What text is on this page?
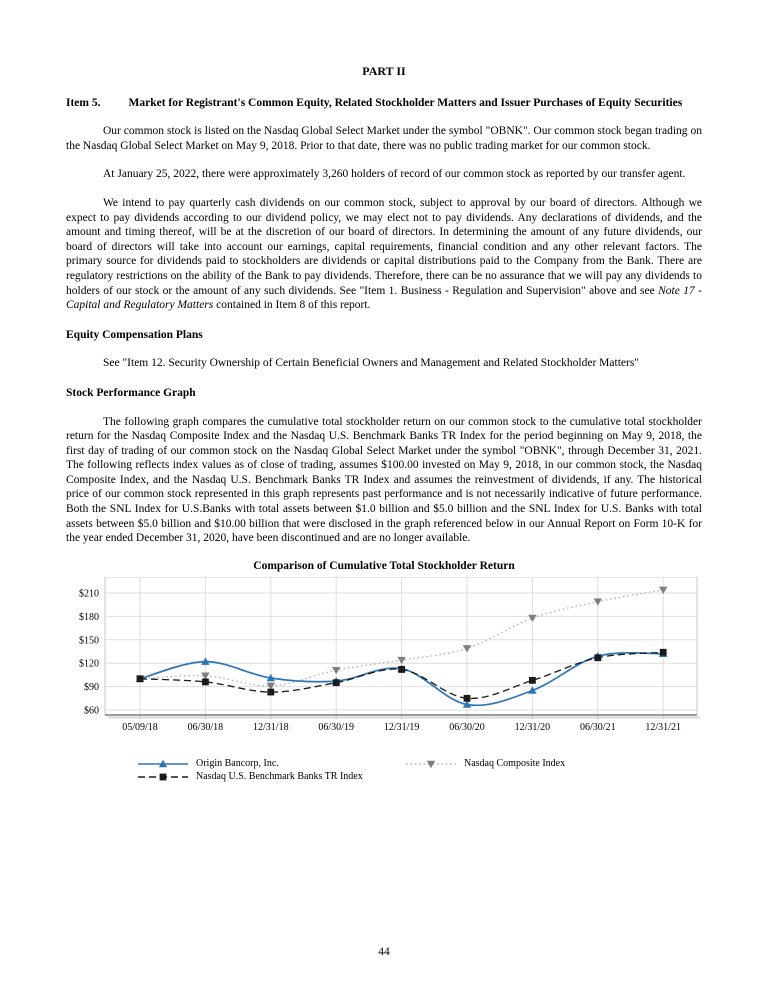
PART II

Item 5. Market for Registrant's Common Equity, Related Stockholder Matters and Issuer Purchases of Equity Securities

Our common stock is listed on the Nasdaq Global Select Market under the symbol "OBNK". Our common stock began trading on the Nasdaq Global Select Market on May 9, 2018. Prior to that date, there was no public trading market for our common stock.

At January 25, 2022, there were approximately 3,260 holders of record of our common stock as reported by our transfer agent.

We intend to pay quarterly cash dividends on our common stock, subject to approval by our board of directors. Although we expect to pay dividends according to our dividend policy, we may elect not to pay dividends. Any declarations of dividends, and the amount and timing thereof, will be at the discretion of our board of directors. In determining the amount of any future dividends, our board of directors will take into account our earnings, capital requirements, financial condition and any other relevant factors. The primary source for dividends paid to stockholders are dividends or capital distributions paid to the Company from the Bank. There are regulatory restrictions on the ability of the Bank to pay dividends. Therefore, there can be no assurance that we will pay any dividends to holders of our stock or the amount of any such dividends. See "Item 1. Business - Regulation and Supervision" above and see Note 17 - Capital and Regulatory Matters contained in Item 8 of this report.

Equity Compensation Plans

See "Item 12. Security Ownership of Certain Beneficial Owners and Management and Related Stockholder Matters"

Stock Performance Graph

The following graph compares the cumulative total stockholder return on our common stock to the cumulative total stockholder return for the Nasdaq Composite Index and the Nasdaq U.S. Benchmark Banks TR Index for the period beginning on May 9, 2018, the first day of trading of our common stock on the Nasdaq Global Select Market under the symbol "OBNK", through December 31, 2021. The following reflects index values as of close of trading, assumes $100.00 invested on May 9, 2018, in our common stock, the Nasdaq Composite Index, and the Nasdaq U.S. Benchmark Banks TR Index and assumes the reinvestment of dividends, if any. The historical price of our common stock represented in this graph represents past performance and is not necessarily indicative of future performance. Both the SNL Index for U.S.Banks with total assets between $1.0 billion and $5.0 billion and the SNL Index for U.S. Banks with total assets between $5.0 billion and $10.00 billion that were disclosed in the graph referenced below in our Annual Report on Form 10-K for the year ended December 31, 2020, have been discontinued and are no longer available.

Comparison of Cumulative Total Stockholder Return
$60
$90
$120
$150
$180
$210
05/09/18	06/30/18	12/31/18	06/30/19	12/31/19	06/30/20	12/31/20	06/30/21	12/31/21
Origin Bancorp, Inc.	Nasdaq Composite Index
Nasdaq U.S. Benchmark Banks TR Index
44
